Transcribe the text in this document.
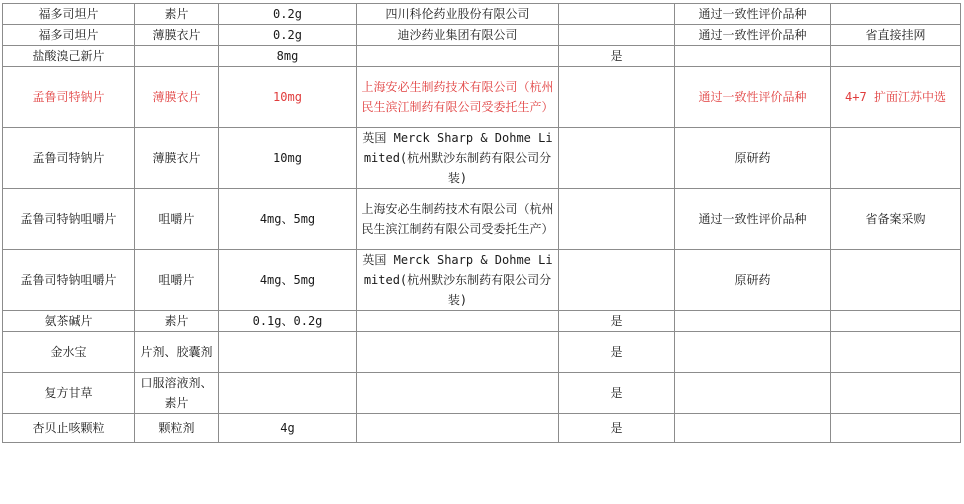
福多司坦片	素片	0.2g	四川科伦药业股份有限公司		通过一致性评价品种	
福多司坦片	薄膜衣片	0.2g	迪沙药业集团有限公司		通过一致性评价品种	省直接挂网
盐酸溴己新片		8mg		是		
孟鲁司特钠片	薄膜衣片	10mg	上海安必生制药技术有限公司（杭州民生滨江制药有限公司受委托生产）		通过一致性评价品种	4+7 扩面江苏中选
孟鲁司特钠片	薄膜衣片	10mg	英国 Merck Sharp & Dohme Limited(杭州默沙东制药有限公司分装)		原研药	
孟鲁司特钠咀嚼片	咀嚼片	4mg、5mg	上海安必生制药技术有限公司（杭州民生滨江制药有限公司受委托生产）		通过一致性评价品种	省备案采购
孟鲁司特钠咀嚼片	咀嚼片	4mg、5mg	英国 Merck Sharp & Dohme Limited(杭州默沙东制药有限公司分装)		原研药	
氨茶碱片	素片	0.1g、0.2g		是		
金水宝	片剂、胶囊剂			是		
复方甘草	口服溶液剂、素片			是		
杏贝止咳颗粒	颗粒剂	4g		是		
